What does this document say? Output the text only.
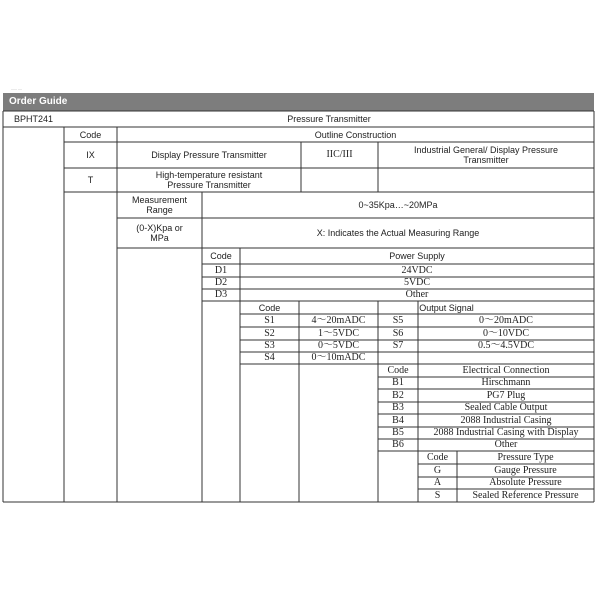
------ ----
Order Guide
BPHT241	Pressure Transmitter
Code	Outline Construction
IX	Display Pressure Transmitter	IIC/III	Industrial General/ Display Pressure Transmitter
T	High-temperature resistant Pressure Transmitter
Measurement Range	0~35Kpa…~20MPa
(0-X)Kpa or MPa	X: Indicates the Actual Measuring Range
Code	Power Supply
D1	24VDC
D2	5VDC
D3	Other
Code	Output Signal
S1	4～20mADC	S5	0～20mADC
S2	1～5VDC	S6	0～10VDC
S3	0～5VDC	S7	0.5～4.5VDC
S4	0～10mADC
Code	Electrical Connection
B1	Hirschmann
B2	PG7 Plug
B3	Sealed Cable Output
B4	2088 Industrial Casing
B5	2088 Industrial Casing with Display
B6	Other
Code	Pressure Type
G	Gauge Pressure
A	Absolute Pressure
S	Sealed Reference Pressure
